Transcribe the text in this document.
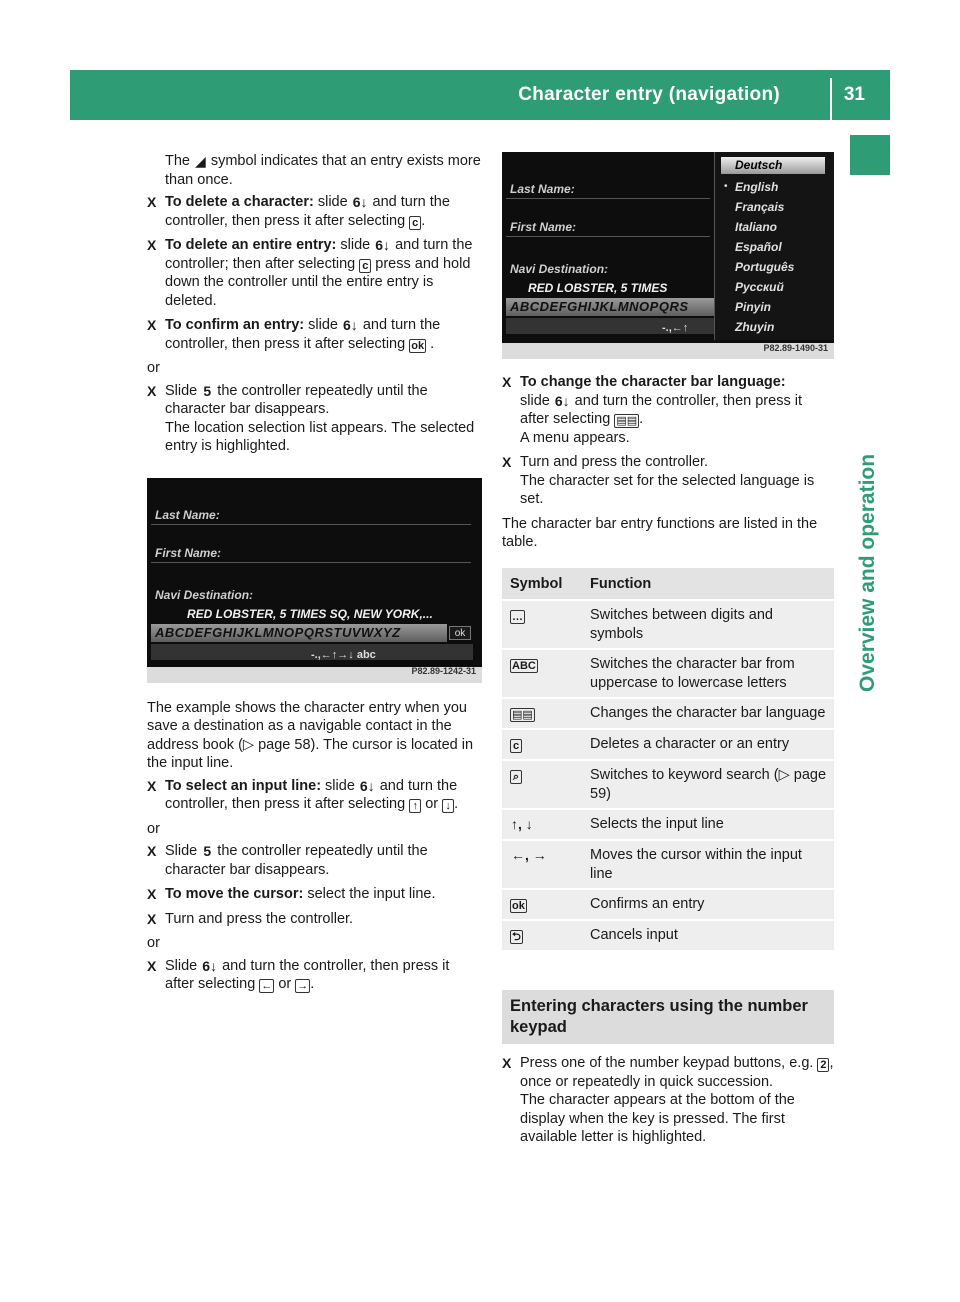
Character entry (navigation)	31
Overview and operation

The ◢ symbol indicates that an entry exists more than once.

X To delete a character: slide 6↓ and turn the controller, then press it after selecting c .
X To delete an entire entry: slide 6↓ and turn the controller; then after selecting c press and hold down the controller until the entire entry is deleted.
X To confirm an entry: slide 6↓ and turn the controller, then press it after selecting ok .

or

X Slide 5 the controller repeatedly until the character bar disappears.
The location selection list appears. The selected entry is highlighted.
Last Name:
First Name:
Navi Destination:
RED LOBSTER, 5 TIMES SQ, NEW YORK,...
ABCDEFGHIJKLMNOPQRSTUVWXYZ	ok
-.,←↑→↓ abc
P82.89-1242-31

The example shows the character entry when you save a destination as a navigable contact in the address book (▷ page 58). The cursor is located in the input line.

X To select an input line: slide 6↓ and turn the controller, then press it after selecting ↑ or ↓ .

or

X Slide 5 the controller repeatedly until the character bar disappears.
X To move the cursor: select the input line.
X Turn and press the controller.

or

X Slide 6↓ and turn the controller, then press it after selecting ← or → .
Last Name:
First Name:
Navi Destination:
RED LOBSTER, 5 TIMES
ABCDEFGHIJKLMNOPQRS
-.,←↑
Deutsch
• English
Français
Italiano
Español
Português
Русский
Pinyin
Zhuyin
P82.89-1490-31
X To change the character bar language:
slide 6↓ and turn the controller, then press it after selecting ▤▤ .
A menu appears.
X Turn and press the controller.
The character set for the selected language is set.

The character bar entry functions are listed in the table.

Symbol	Function
…	Switches between digits and symbols
ABC	Switches the character bar from uppercase to lowercase letters
▤▤	Changes the character bar language
c	Deletes a character or an entry
⌕	Switches to keyword search (▷ page 59)
↑, ↓	Selects the input line
←, →	Moves the cursor within the input line
ok	Confirms an entry
⮌	Cancels input
Entering characters using the number keypad
X Press one of the number keypad buttons, e.g. 2 , once or repeatedly in quick succession.
The character appears at the bottom of the display when the key is pressed. The first available letter is highlighted.
